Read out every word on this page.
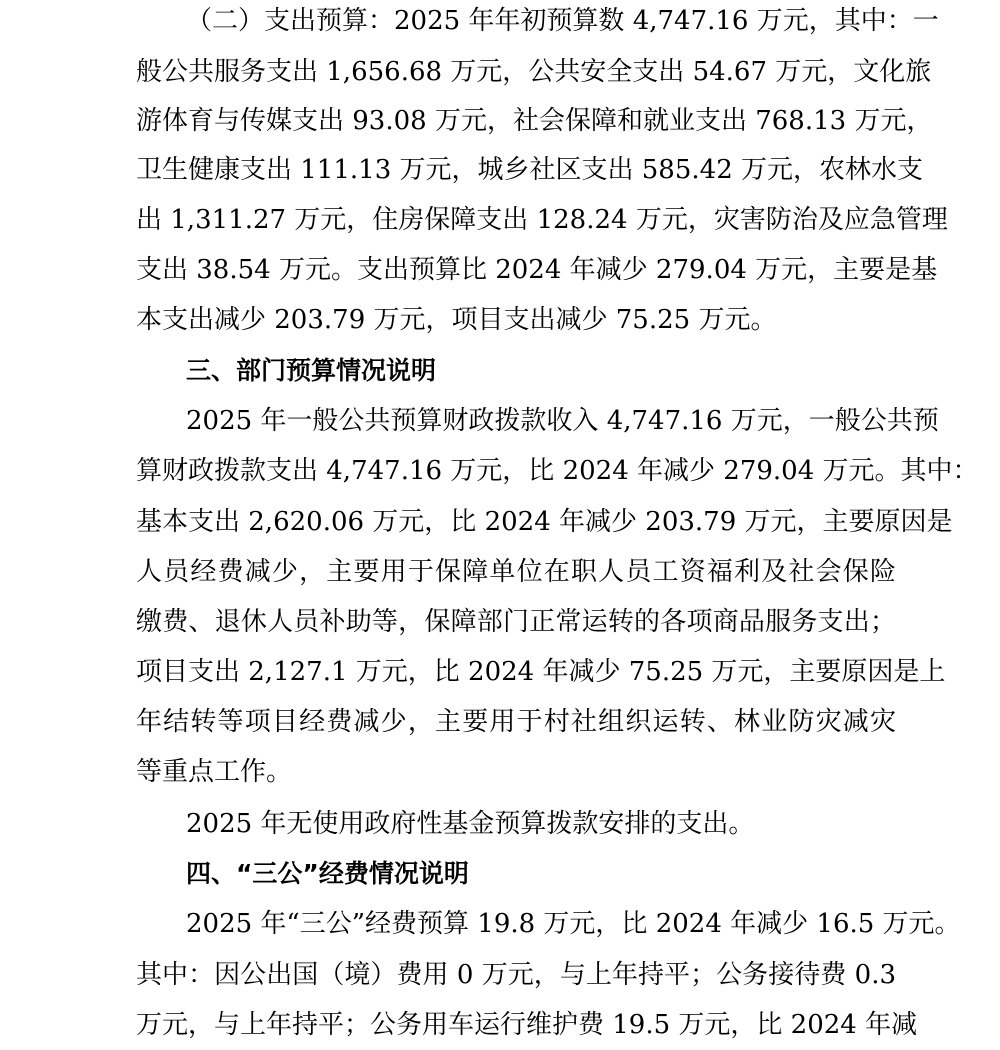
（二）支出预算：2025 年年初预算数 4,747.16 万元，其中：一
般公共服务支出 1,656.68 万元，公共安全支出 54.67 万元，文化旅
游体育与传媒支出 93.08 万元，社会保障和就业支出 768.13 万元，
卫生健康支出 111.13 万元，城乡社区支出 585.42 万元，农林水支
出 1,311.27 万元，住房保障支出 128.24 万元，灾害防治及应急管理
支出 38.54 万元。支出预算比 2024 年减少 279.04 万元，主要是基
本支出减少 203.79 万元，项目支出减少 75.25 万元。
三、部门预算情况说明
2025 年一般公共预算财政拨款收入 4,747.16 万元，一般公共预
算财政拨款支出 4,747.16 万元，比 2024 年减少 279.04 万元。其中：
基本支出 2,620.06 万元，比 2024 年减少 203.79 万元，主要原因是
人员经费减少，主要用于保障单位在职人员工资福利及社会保险
缴费、退休人员补助等，保障部门正常运转的各项商品服务支出；
项目支出 2,127.1 万元，比 2024 年减少 75.25 万元，主要原因是上
年结转等项目经费减少，主要用于村社组织运转、林业防灾减灾
等重点工作。
2025 年无使用政府性基金预算拨款安排的支出。
四、“三公”经费情况说明
2025 年“三公”经费预算 19.8 万元，比 2024 年减少 16.5 万元。
其中：因公出国（境）费用 0 万元，与上年持平；公务接待费 0.3
万元，与上年持平；公务用车运行维护费 19.5 万元，比 2024 年减
